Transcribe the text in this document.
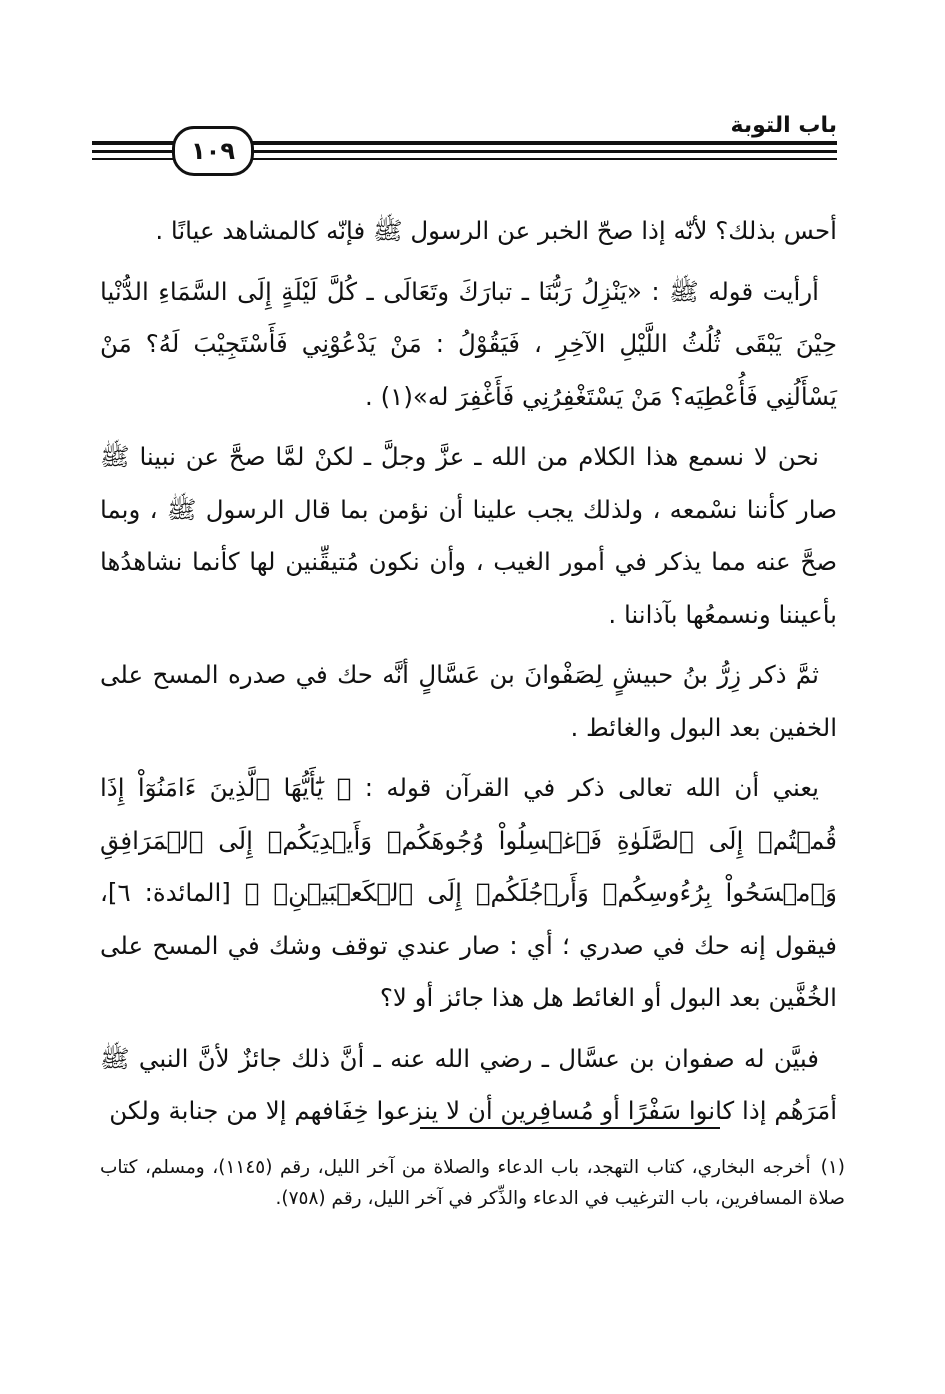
باب التوبة
١٠٩

أحس بذلك؟ لأنّه إذا صحّ الخبر عن الرسول ﷺ فإنّه كالمشاهد عيانًا .

أرأيت قوله ﷺ : «يَنْزِلُ رَبُّنَا ـ تبارَكَ وتَعَالَى ـ كُلَّ لَيْلَةٍ إِلَى السَّمَاءِ الدُّنْيا حِيْنَ يَبْقَى ثُلُثُ اللَّيْلِ الآخِرِ ، فَيَقُوْلُ : مَنْ يَدْعُوْنِي فَأَسْتَجِيْبَ لَهُ؟ مَنْ يَسْأَلُنِي فَأُعْطِيَه؟ مَنْ يَسْتَغْفِرُنِي فَأَغْفِرَ له»(١) .

نحن لا نسمع هذا الكلام من الله ـ عزَّ وجلَّ ـ لكنْ لمَّا صحَّ عن نبينا ﷺ صار كأننا نسْمعه ، ولذلك يجب علينا أن نؤمن بما قال الرسول ﷺ ، وبما صحَّ عنه مما يذكر في أمور الغيب ، وأن نكون مُتيقِّنين لها كأنما نشاهدُها بأعيننا ونسمعُها بآذاننا .

ثمَّ ذكر زِرُّ بنُ حبيشٍ لِصَفْوانَ بن عَسَّالٍ أنَّه حك في صدره المسح على الخفين بعد البول والغائط .

يعني أن الله تعالى ذكر في القرآن قوله : ﴿ يَٰٓأَيُّهَا ٱلَّذِينَ ءَامَنُوٓاْ إِذَا قُمۡتُمۡ إِلَى ٱلصَّلَوٰةِ فَٱغۡسِلُواْ وُجُوهَكُمۡ وَأَيۡدِيَكُمۡ إِلَى ٱلۡمَرَافِقِ وَٱمۡسَحُواْ بِرُءُوسِكُمۡ وَأَرۡجُلَكُمۡ إِلَى ٱلۡكَعۡبَيۡنِۚ ﴾ [المائدة: ٦]، فيقول إنه حك في صدري ؛ أي : صار عندي توقف وشك في المسح على الخُفَّين بعد البول أو الغائط هل هذا جائز أو لا؟

فبيَّن له صفوان بن عسَّال ـ رضي الله عنه ـ أنَّ ذلك جائزٌ لأنَّ النبي ﷺ أمَرَهُم إذا كانوا سَفْرًا أو مُسافِرين أن لا ينزعوا خِفَافهم إلا من جنابة ولكن

(١)أخرجه البخاري، كتاب التهجد، باب الدعاء والصلاة من آخر الليل، رقم (١١٤٥)، ومسلم، كتاب صلاة المسافرين، باب الترغيب في الدعاء والذِّكر في آخر الليل، رقم (٧٥٨).
